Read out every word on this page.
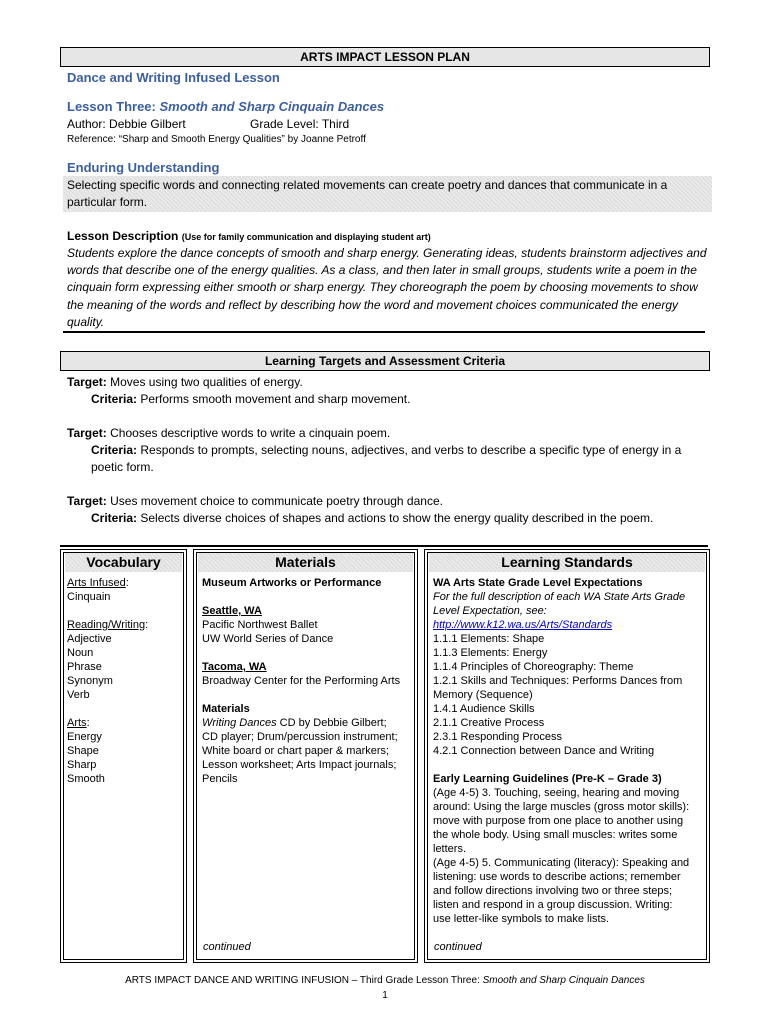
ARTS IMPACT LESSON PLAN
Dance and Writing Infused Lesson
Lesson Three: Smooth and Sharp Cinquain Dances
Author: Debbie Gilbert	Grade Level: Third
Reference: “Sharp and Smooth Energy Qualities” by Joanne Petroff
Enduring Understanding
Selecting specific words and connecting related movements can create poetry and dances that communicate in a particular form.
Lesson Description (Use for family communication and displaying student art)
Students explore the dance concepts of smooth and sharp energy. Generating ideas, students brainstorm adjectives and words that describe one of the energy qualities. As a class, and then later in small groups, students write a poem in the cinquain form expressing either smooth or sharp energy. They choreograph the poem by choosing movements to show the meaning of the words and reflect by describing how the word and movement choices communicated the energy quality.
Learning Targets and Assessment Criteria
Target: Moves using two qualities of energy.
Criteria: Performs smooth movement and sharp movement.
Target: Chooses descriptive words to write a cinquain poem.
Criteria: Responds to prompts, selecting nouns, adjectives, and verbs to describe a specific type of energy in a poetic form.
Target: Uses movement choice to communicate poetry through dance.
Criteria: Selects diverse choices of shapes and actions to show the energy quality described in the poem.
Vocabulary
Arts Infused:
Cinquain
Reading/Writing:
Adjective
Noun
Phrase
Synonym
Verb
Arts:
Energy
Shape
Sharp
Smooth
Materials
Museum Artworks or Performance
Seattle, WA
Pacific Northwest Ballet
UW World Series of Dance
Tacoma, WA
Broadway Center for the Performing Arts
Materials
Writing Dances CD by Debbie Gilbert;
CD player; Drum/percussion instrument;
White board or chart paper & markers;
Lesson worksheet; Arts Impact journals;
Pencils
continued
Learning Standards
WA Arts State Grade Level Expectations
For the full description of each WA State Arts Grade
Level Expectation, see:
http://www.k12.wa.us/Arts/Standards
1.1.1 Elements: Shape
1.1.3 Elements: Energy
1.1.4 Principles of Choreography: Theme
1.2.1 Skills and Techniques: Performs Dances from
Memory (Sequence)
1.4.1 Audience Skills
2.1.1 Creative Process
2.3.1 Responding Process
4.2.1 Connection between Dance and Writing
Early Learning Guidelines (Pre-K – Grade 3)
(Age 4-5) 3. Touching, seeing, hearing and moving
around: Using the large muscles (gross motor skills):
move with purpose from one place to another using
the whole body. Using small muscles: writes some
letters.
(Age 4-5) 5. Communicating (literacy): Speaking and
listening: use words to describe actions; remember
and follow directions involving two or three steps;
listen and respond in a group discussion. Writing:
use letter-like symbols to make lists.
continued
ARTS IMPACT DANCE AND WRITING INFUSION – Third Grade Lesson Three: Smooth and Sharp Cinquain Dances
1
